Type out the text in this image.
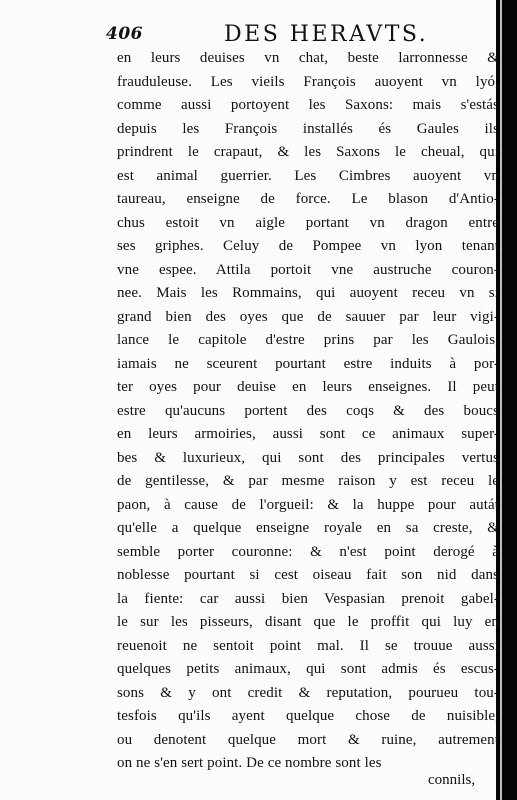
406	DES HERAVTS.
en leurs deuises vn chat, beste larronnesse &
frauduleuse. Les vieils François auoyent vn lyó,
comme aussi portoyent les Saxons: mais s'estás
depuis les François installés és Gaules ils
prindrent le crapaut, & les Saxons le cheual, qui
est animal guerrier. Les Cimbres auoyent vn
taureau, enseigne de force. Le blason d'Antio-
chus estoit vn aigle portant vn dragon entre
ses griphes. Celuy de Pompee vn lyon tenant
vne espee. Attila portoit vne austruche couron-
nee. Mais les Rommains, qui auoyent receu vn si
grand bien des oyes que de sauuer par leur vigi-
lance le capitole d'estre prins par les Gaulois,
iamais ne sceurent pourtant estre induits à por-
ter oyes pour deuise en leurs enseignes. Il peut
estre qu'aucuns portent des coqs & des boucs
en leurs armoiries, aussi sont ce animaux super-
bes & luxurieux, qui sont des principales vertus
de gentilesse, & par mesme raison y est receu le
paon, à cause de l'orgueil: & la huppe pour autát
qu'elle a quelque enseigne royale en sa creste, &
semble porter couronne: & n'est point derogé à
noblesse pourtant si cest oiseau fait son nid dans
la fiente: car aussi bien Vespasian prenoit gabel-
le sur les pisseurs, disant que le proffit qui luy en
reuenoit ne sentoit point mal. Il se trouue aussi
quelques petits animaux, qui sont admis és escus-
sons & y ont credit & reputation, pourueu tou-
tesfois qu'ils ayent quelque chose de nuisible,
ou denotent quelque mort & ruine, autrement
on ne s'en sert point. De ce nombre sont les
connils,
